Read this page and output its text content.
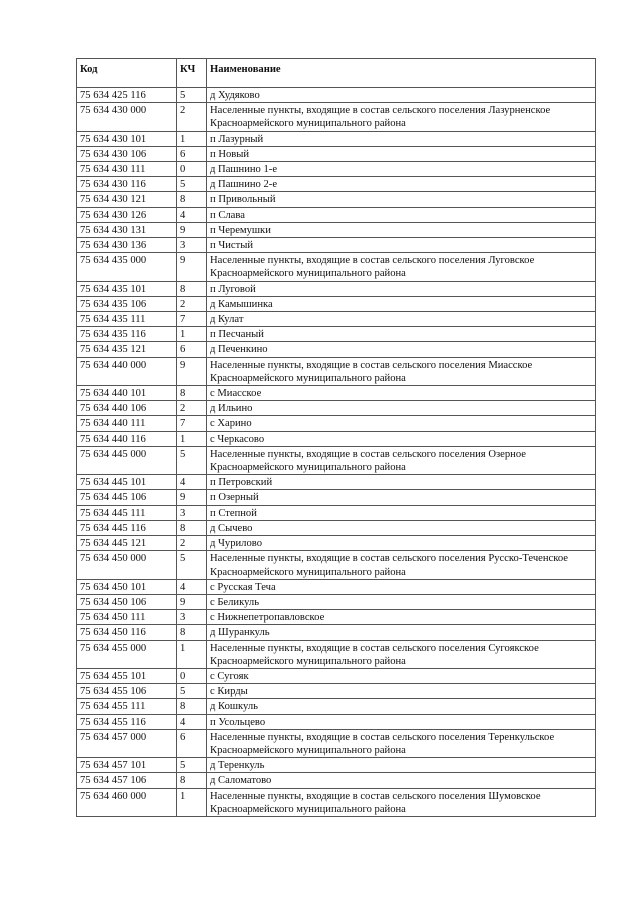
Код	КЧ	Наименование
75 634 425 116	5	д Худяково
75 634 430 000	2	Населенные пункты, входящие в состав сельского поселения Лазурненское Красноармейского муниципального района
75 634 430 101	1	п Лазурный
75 634 430 106	6	п Новый
75 634 430 111	0	д Пашнино 1-е
75 634 430 116	5	д Пашнино 2-е
75 634 430 121	8	п Привольный
75 634 430 126	4	п Слава
75 634 430 131	9	п Черемушки
75 634 430 136	3	п Чистый
75 634 435 000	9	Населенные пункты, входящие в состав сельского поселения Луговское Красноармейского муниципального района
75 634 435 101	8	п Луговой
75 634 435 106	2	д Камышинка
75 634 435 111	7	д Кулат
75 634 435 116	1	п Песчаный
75 634 435 121	6	д Печенкино
75 634 440 000	9	Населенные пункты, входящие в состав сельского поселения Миасское Красноармейского муниципального района
75 634 440 101	8	с Миасское
75 634 440 106	2	д Ильино
75 634 440 111	7	с Харино
75 634 440 116	1	с Черкасово
75 634 445 000	5	Населенные пункты, входящие в состав сельского поселения Озерное Красноармейского муниципального района
75 634 445 101	4	п Петровский
75 634 445 106	9	п Озерный
75 634 445 111	3	п Степной
75 634 445 116	8	д Сычево
75 634 445 121	2	д Чурилово
75 634 450 000	5	Населенные пункты, входящие в состав сельского поселения Русско-Теченское Красноармейского муниципального района
75 634 450 101	4	с Русская Теча
75 634 450 106	9	с Беликуль
75 634 450 111	3	с Нижнепетропавловское
75 634 450 116	8	д Шуранкуль
75 634 455 000	1	Населенные пункты, входящие в состав сельского поселения Сугоякское Красноармейского муниципального района
75 634 455 101	0	с Сугояк
75 634 455 106	5	с Кирды
75 634 455 111	8	д Кошкуль
75 634 455 116	4	п Усольцево
75 634 457 000	6	Населенные пункты, входящие в состав сельского поселения Теренкульское Красноармейского муниципального района
75 634 457 101	5	д Теренкуль
75 634 457 106	8	д Саломатово
75 634 460 000	1	Населенные пункты, входящие в состав сельского поселения Шумовское Красноармейского муниципального района
